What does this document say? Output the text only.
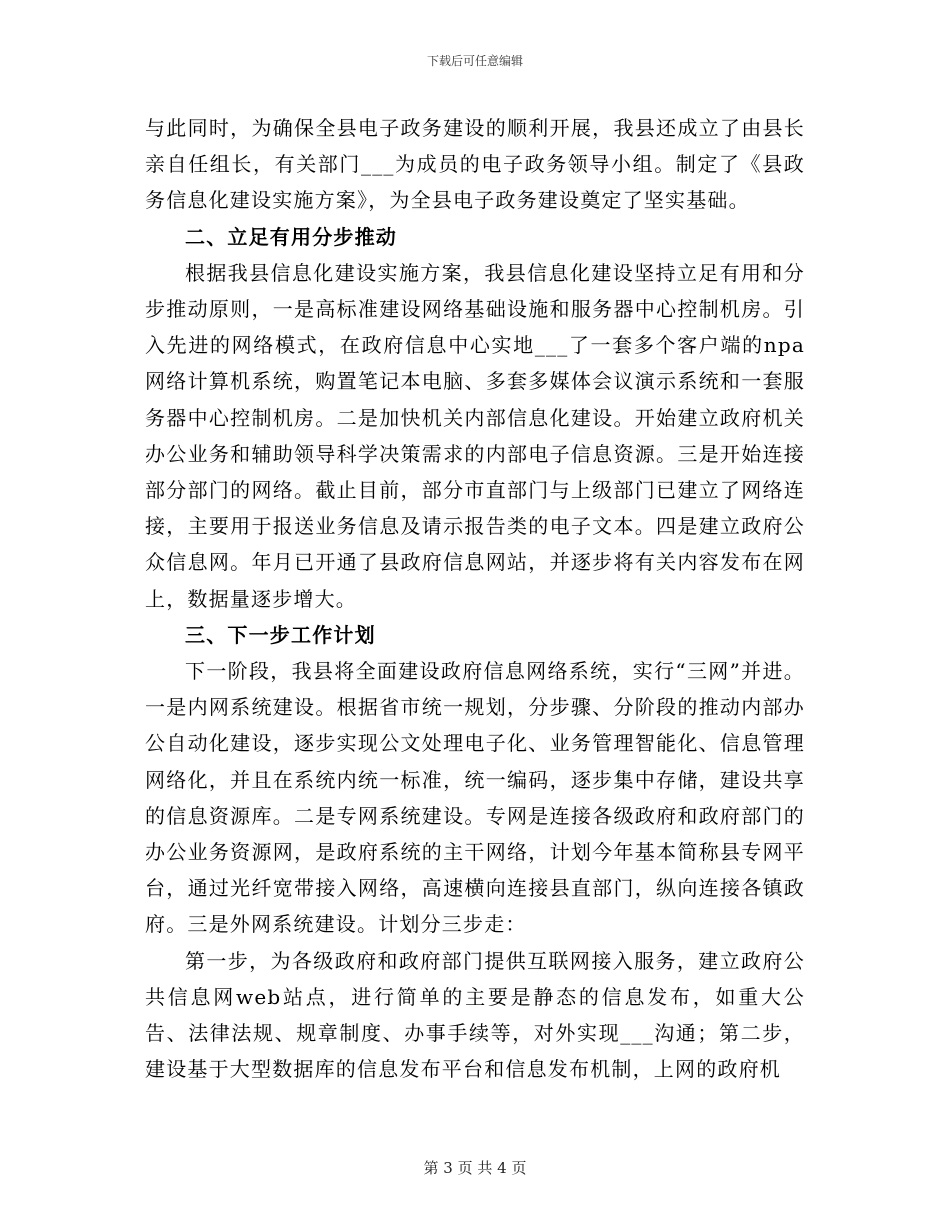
下载后可任意编辑

与此同时，为确保全县电子政务建设的顺利开展，我县还成立了由县长亲自任组长，有关部门___为成员的电子政务领导小组。制定了《县政务信息化建设实施方案》，为全县电子政务建设奠定了坚实基础。

二、立足有用分步推动

根据我县信息化建设实施方案，我县信息化建设坚持立足有用和分步推动原则，一是高标准建设网络基础设施和服务器中心控制机房。引入先进的网络模式，在政府信息中心实地___了一套多个客户端的npa网络计算机系统，购置笔记本电脑、多套多媒体会议演示系统和一套服务器中心控制机房。二是加快机关内部信息化建设。开始建立政府机关办公业务和辅助领导科学决策需求的内部电子信息资源。三是开始连接部分部门的网络。截止目前，部分市直部门与上级部门已建立了网络连接，主要用于报送业务信息及请示报告类的电子文本。四是建立政府公众信息网。年月已开通了县政府信息网站，并逐步将有关内容发布在网上，数据量逐步增大。

三、下一步工作计划

下一阶段，我县将全面建设政府信息网络系统，实行“三网”并进。一是内网系统建设。根据省市统一规划，分步骤、分阶段的推动内部办公自动化建设，逐步实现公文处理电子化、业务管理智能化、信息管理网络化，并且在系统内统一标准，统一编码，逐步集中存储，建设共享的信息资源库。二是专网系统建设。专网是连接各级政府和政府部门的办公业务资源网，是政府系统的主干网络，计划今年基本简称县专网平台，通过光纤宽带接入网络，高速横向连接县直部门，纵向连接各镇政府。三是外网系统建设。计划分三步走：

第一步，为各级政府和政府部门提供互联网接入服务，建立政府公共信息网web站点，进行简单的主要是静态的信息发布，如重大公告、法律法规、规章制度、办事手续等，对外实现___沟通；第二步，建设基于大型数据库的信息发布平台和信息发布机制，上网的政府机

第 3 页 共 4 页
